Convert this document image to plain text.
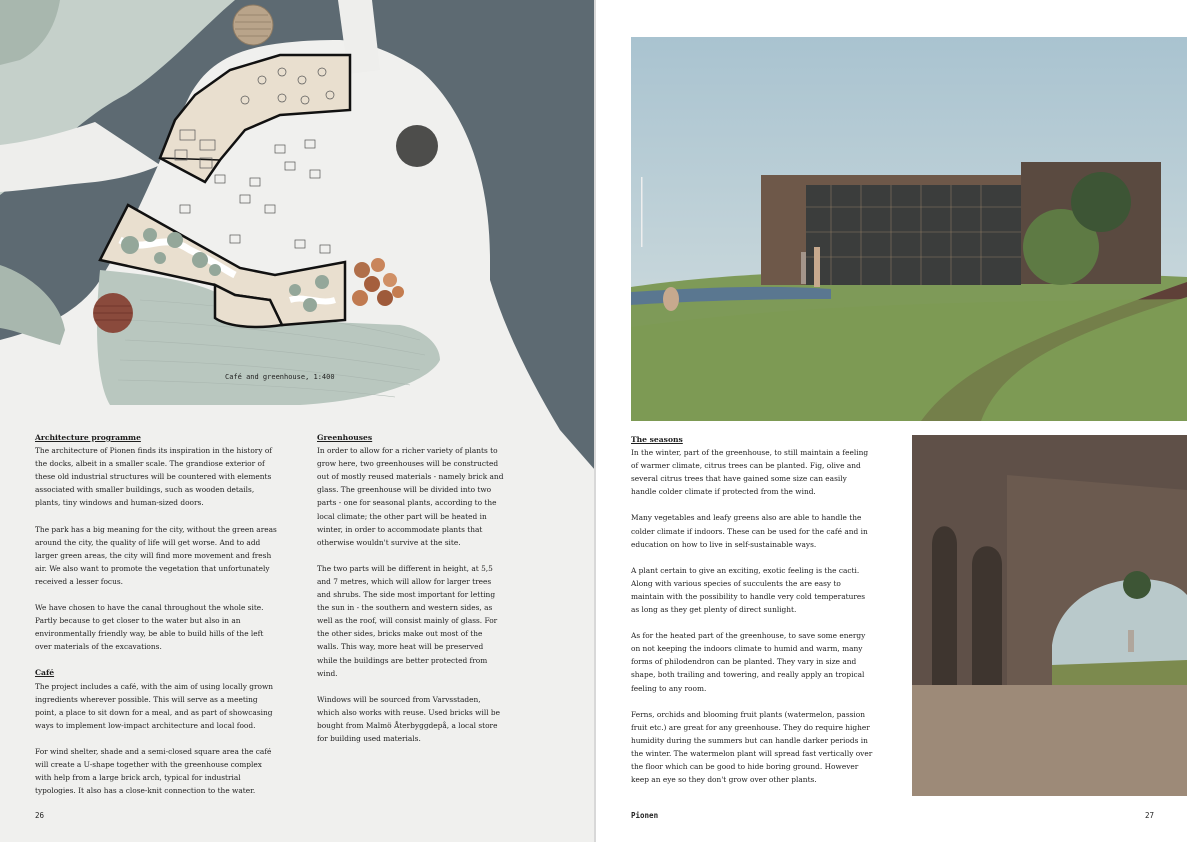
Café and greenhouse, 1:400
Architecture programme

The architecture of Pionen finds its inspiration in the history of the docks, albeit in a smaller scale. The grandiose exterior of these old industrial structures will be countered with elements associated with smaller buildings, such as wooden details, plants, tiny windows and human-sized doors.

The park has a big meaning for the city, without the green areas around the city, the quality of life will get worse. And to add larger green areas, the city will find more movement and fresh air. We also want to promote the vegetation that unfortunately received a lesser focus.

We have chosen to have the canal throughout the whole site. Partly because to get closer to the water but also in an environmentally friendly way, be able to build hills of the left over materials of the excavations.

Café

The project includes a café, with the aim of using locally grown ingredients wherever possible. This will serve as a meeting point, a place to sit down for a meal, and as part of showcasing ways to implement low-impact architecture and local food.

For wind shelter, shade and a semi-closed square area the café will create a U-shape together with the greenhouse complex with help from a large brick arch, typical for industrial typologies. It also has a close-knit connection to the water.

Greenhouses

In order to allow for a richer variety of plants to grow here, two greenhouses will be constructed out of mostly reused materials - namely brick and glass. The greenhouse will be divided into two parts - one for seasonal plants, according to the local climate; the other part will be heated in winter, in order to accommodate plants that otherwise wouldn't survive at the site.

The two parts will be different in height, at 5,5 and 7 metres, which will allow for larger trees and shrubs. The side most important for letting the sun in - the southern and western sides, as well as the roof, will consist mainly of glass. For the other sides, bricks make out most of the walls. This way, more heat will be preserved while the buildings are better protected from wind.

Windows will be sourced from Varvsstaden, which also works with reuse. Used bricks will be bought from Malmö Återbyggdepå, a local store for building used materials.

26
The seasons

In the winter, part of the greenhouse, to still maintain a feeling of warmer climate, citrus trees can be planted. Fig, olive and several citrus trees that have gained some size can easily handle colder climate if protected from the wind.

Many vegetables and leafy greens also are able to handle the colder climate if indoors. These can be used for the café and in education on how to live in self-sustainable ways.

A plant certain to give an exciting, exotic feeling is the cacti. Along with various species of succulents the are easy to maintain with the possibility to handle very cold temperatures as long as they get plenty of direct sunlight.

As for the heated part of the greenhouse, to save some energy on not keeping the indoors climate to humid and warm, many forms of philodendron can be planted. They vary in size and shape, both trailing and towering, and really apply an tropical feeling to any room.

Ferns, orchids and blooming fruit plants (watermelon, passion fruit etc.) are great for any greenhouse. They do require higher humidity during the summers but can handle darker periods in the winter. The watermelon plant will spread fast vertically over the floor which can be good to hide boring ground. However keep an eye so they don't grow over other plants.

Pionen	27
